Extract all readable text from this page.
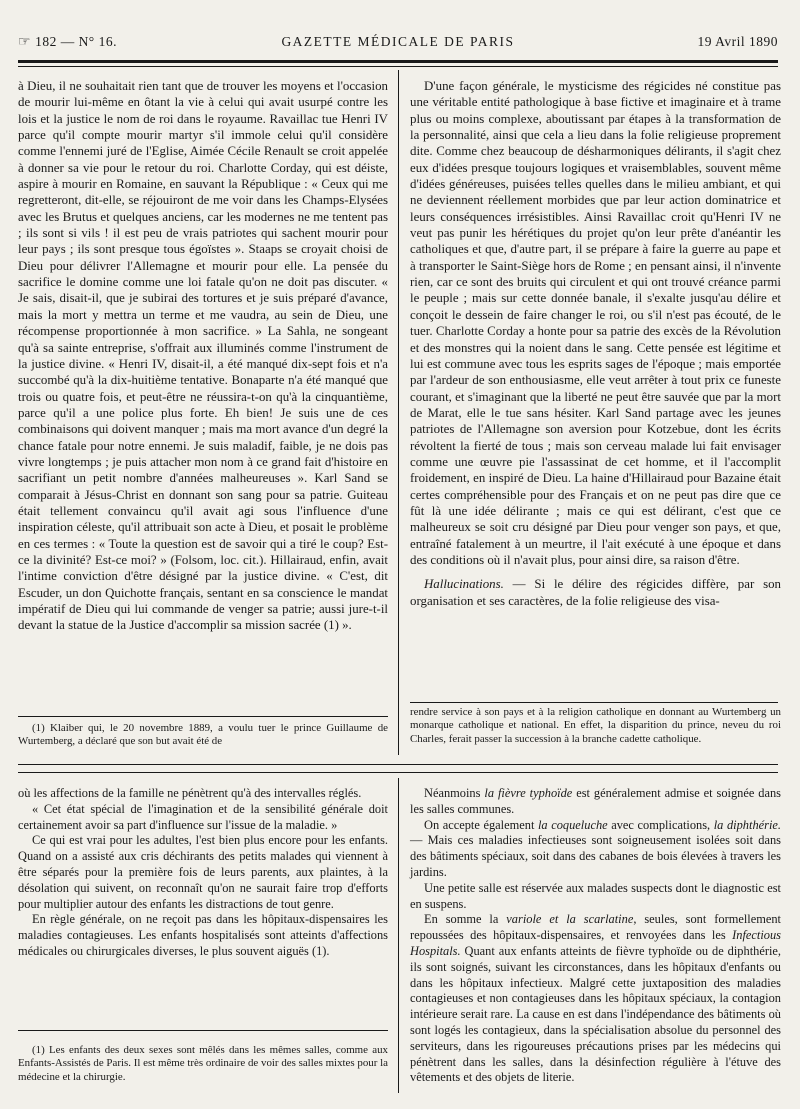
☞ 182 — N° 16.	GAZETTE MÉDICALE DE PARIS	19 Avril 1890

à Dieu, il ne souhaitait rien tant que de trouver les moyens et l'occasion de mourir lui-même en ôtant la vie à celui qui avait usurpé contre les lois et la justice le nom de roi dans le royaume. Ravaillac tue Henri IV parce qu'il compte mourir martyr s'il immole celui qu'il considère comme l'ennemi juré de l'Eglise, Aimée Cécile Renault se croit appelée à donner sa vie pour le retour du roi. Charlotte Corday, qui est déiste, aspire à mourir en Romaine, en sauvant la République : « Ceux qui me regretteront, dit-elle, se réjouiront de me voir dans les Champs-Elysées avec les Brutus et quelques anciens, car les modernes ne me tentent pas ; ils sont si vils ! il est peu de vrais patriotes qui sachent mourir pour leur pays ; ils sont presque tous égoïstes ». Staaps se croyait choisi de Dieu pour délivrer l'Allemagne et mourir pour elle. La pensée du sacrifice le domine comme une loi fatale qu'on ne doit pas discuter. « Je sais, disait-il, que je subirai des tortures et je suis préparé d'avance, mais la mort y mettra un terme et me vaudra, au sein de Dieu, une récompense proportionnée à mon sacrifice. » La Sahla, ne songeant qu'à sa sainte entreprise, s'offrait aux illuminés comme l'instrument de la justice divine. « Henri IV, disait-il, a été manqué dix-sept fois et n'a succombé qu'à la dix-huitième tentative. Bonaparte n'a été manqué que trois ou quatre fois, et peut-être ne réussira-t-on qu'à la cinquantième, parce qu'il a une police plus forte. Eh bien! Je suis une de ces combinaisons qui doivent manquer ; mais ma mort avance d'un degré la chance fatale pour notre ennemi. Je suis maladif, faible, je ne dois pas vivre longtemps ; je puis attacher mon nom à ce grand fait d'histoire en sacrifiant un petit nombre d'années malheureuses ». Karl Sand se comparait à Jésus-Christ en donnant son sang pour sa patrie. Guiteau était tellement convaincu qu'il avait agi sous l'influence d'une inspiration céleste, qu'il attribuait son acte à Dieu, et posait le problème en ces termes : « Toute la question est de savoir qui a tiré le coup? Est-ce la divinité? Est-ce moi? » (Folsom, loc. cit.). Hillairaud, enfin, avait l'intime conviction d'être désigné par la justice divine. « C'est, dit Escuder, un don Quichotte français, sentant en sa conscience le mandat impératif de Dieu qui lui commande de venger sa patrie; aussi jure-t-il devant la statue de la Justice d'accomplir sa mission sacrée (1) ».

(1) Klaiber qui, le 20 novembre 1889, a voulu tuer le prince Guillaume de Wurtemberg, a déclaré que son but avait été de

D'une façon générale, le mysticisme des régicides né constitue pas une véritable entité pathologique à base fictive et imaginaire et à trame plus ou moins complexe, aboutissant par étapes à la transformation de la personnalité, ainsi que cela a lieu dans la folie religieuse proprement dite. Comme chez beaucoup de désharmoniques délirants, il s'agit chez eux d'idées presque toujours logiques et vraisemblables, souvent même d'idées généreuses, puisées telles quelles dans le milieu ambiant, et qui ne deviennent réellement morbides que par leur action dominatrice et leurs conséquences irrésistibles. Ainsi Ravaillac croit qu'Henri IV ne veut pas punir les hérétiques du projet qu'on leur prête d'anéantir les catholiques et que, d'autre part, il se prépare à faire la guerre au pape et à transporter le Saint-Siège hors de Rome ; en pensant ainsi, il n'invente rien, car ce sont des bruits qui circulent et qui ont trouvé créance parmi le peuple ; mais sur cette donnée banale, il s'exalte jusqu'au délire et conçoit le dessein de faire changer le roi, ou s'il n'est pas écouté, de le tuer. Charlotte Corday a honte pour sa patrie des excès de la Révolution et des monstres qui la noient dans le sang. Cette pensée est légitime et lui est commune avec tous les esprits sages de l'époque ; mais emportée par l'ardeur de son enthousiasme, elle veut arrêter à tout prix ce funeste courant, et s'imaginant que la liberté ne peut être sauvée que par la mort de Marat, elle le tue sans hésiter. Karl Sand partage avec les jeunes patriotes de l'Allemagne son aversion pour Kotzebue, dont les écrits révoltent la fierté de tous ; mais son cerveau malade lui fait envisager comme une œuvre pie l'assassinat de cet homme, et il l'accomplit froidement, en inspiré de Dieu. La haine d'Hillairaud pour Bazaine était certes compréhensible pour des Français et on ne peut pas dire que ce fût là une idée délirante ; mais ce qui est délirant, c'est que ce malheureux se soit cru désigné par Dieu pour venger son pays, et que, entraîné fatalement à un meurtre, il l'ait exécuté à une époque et dans des conditions où il n'avait plus, pour ainsi dire, sa raison d'être.

Hallucinations. — Si le délire des régicides diffère, par son organisation et ses caractères, de la folie religieuse des visa-

rendre service à son pays et à la religion catholique en donnant au Wurtemberg un monarque catholique et national. En effet, la disparition du prince, neveu du roi Charles, ferait passer la succession à la branche cadette catholique.

où les affections de la famille ne pénètrent qu'à des intervalles réglés.

« Cet état spécial de l'imagination et de la sensibilité générale doit certainement avoir sa part d'influence sur l'issue de la maladie. »

Ce qui est vrai pour les adultes, l'est bien plus encore pour les enfants. Quand on a assisté aux cris déchirants des petits malades qui viennent à être séparés pour la première fois de leurs parents, aux plaintes, à la désolation qui suivent, on reconnaît qu'on ne saurait faire trop d'efforts pour multiplier autour des enfants les distractions de tout genre.

En règle générale, on ne reçoit pas dans les hôpitaux-dispensaires les maladies contagieuses. Les enfants hospitalisés sont atteints d'affections médicales ou chirurgicales diverses, le plus souvent aiguës (1).

(1) Les enfants des deux sexes sont mêlés dans les mêmes salles, comme aux Enfants-Assistés de Paris. Il est même très ordinaire de voir des salles mixtes pour la médecine et la chirurgie.

Néanmoins la fièvre typhoïde est généralement admise et soignée dans les salles communes.

On accepte également la coqueluche avec complications, la diphthérie. — Mais ces maladies infectieuses sont soigneusement isolées soit dans des bâtiments spéciaux, soit dans des cabanes de bois élevées à travers les jardins.

Une petite salle est réservée aux malades suspects dont le diagnostic est en suspens.

En somme la variole et la scarlatine, seules, sont formellement repoussées des hôpitaux-dispensaires, et renvoyées dans les Infectious Hospitals. Quant aux enfants atteints de fièvre typhoïde ou de diphthérie, ils sont soignés, suivant les circonstances, dans les hôpitaux d'enfants ou dans les hôpitaux infectieux. Malgré cette juxtaposition des maladies contagieuses et non contagieuses dans les hôpitaux spéciaux, la contagion intérieure serait rare. La cause en est dans l'indépendance des bâtiments où sont logés les contagieux, dans la spécialisation absolue du personnel des serviteurs, dans les rigoureuses précautions prises par les médecins qui pénètrent dans les salles, dans la désinfection régulière à l'étuve des vêtements et des objets de literie.
